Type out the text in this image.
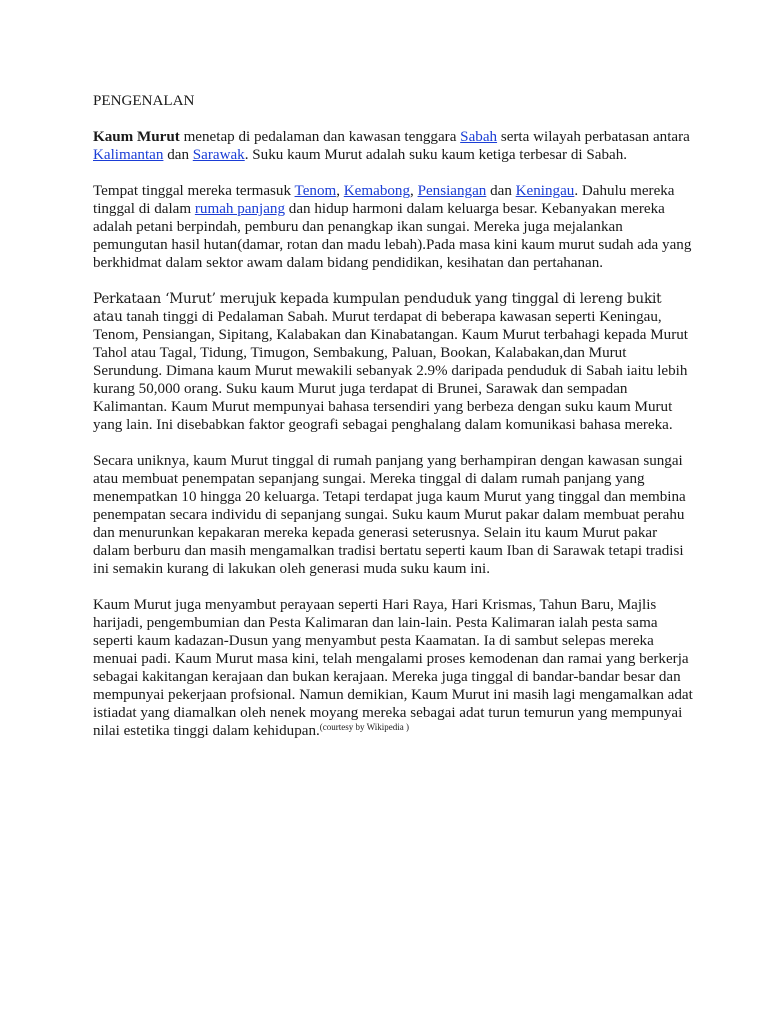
PENGENALAN

Kaum Murut menetap di pedalaman dan kawasan tenggara Sabah serta wilayah perbatasan antara Kalimantan dan Sarawak. Suku kaum Murut adalah suku kaum ketiga terbesar di Sabah.

Tempat tinggal mereka termasuk Tenom, Kemabong, Pensiangan dan Keningau. Dahulu mereka tinggal di dalam rumah panjang dan hidup harmoni dalam keluarga besar. Kebanyakan mereka adalah petani berpindah, pemburu dan penangkap ikan sungai. Mereka juga mejalankan pemungutan hasil hutan(damar, rotan dan madu lebah).Pada masa kini kaum murut sudah ada yang berkhidmat dalam sektor awam dalam bidang pendidikan, kesihatan dan pertahanan.

Perkataan ‘Murut’ merujuk kepada kumpulan penduduk yang tinggal di lereng bukit atau tanah tinggi di Pedalaman Sabah. Murut terdapat di beberapa kawasan seperti Keningau, Tenom, Pensiangan, Sipitang, Kalabakan dan Kinabatangan. Kaum Murut terbahagi kepada Murut Tahol atau Tagal, Tidung, Timugon, Sembakung, Paluan, Bookan, Kalabakan,dan Murut Serundung. Dimana kaum Murut mewakili sebanyak 2.9% daripada penduduk di Sabah iaitu lebih kurang 50,000 orang. Suku kaum Murut juga terdapat di Brunei, Sarawak dan sempadan Kalimantan. Kaum Murut mempunyai bahasa tersendiri yang berbeza dengan suku kaum Murut yang lain. Ini disebabkan faktor geografi sebagai penghalang dalam komunikasi bahasa mereka.

Secara uniknya, kaum Murut tinggal di rumah panjang yang berhampiran dengan kawasan sungai atau membuat penempatan sepanjang sungai. Mereka tinggal di dalam rumah panjang yang menempatkan 10 hingga 20 keluarga. Tetapi terdapat juga kaum Murut yang tinggal dan membina penempatan secara individu di sepanjang sungai. Suku kaum Murut pakar dalam membuat perahu dan menurunkan kepakaran mereka kepada generasi seterusnya. Selain itu kaum Murut pakar dalam berburu dan masih mengamalkan tradisi bertatu seperti kaum Iban di Sarawak tetapi tradisi ini semakin kurang di lakukan oleh generasi muda suku kaum ini.

Kaum Murut juga menyambut perayaan seperti Hari Raya, Hari Krismas, Tahun Baru, Majlis harijadi, pengembumian dan Pesta Kalimaran dan lain-lain. Pesta Kalimaran ialah pesta sama seperti kaum kadazan-Dusun yang menyambut pesta Kaamatan. Ia di sambut selepas mereka menuai padi. Kaum Murut masa kini, telah mengalami proses kemodenan dan ramai yang berkerja sebagai kakitangan kerajaan dan bukan kerajaan. Mereka juga tinggal di bandar-bandar besar dan mempunyai pekerjaan profsional. Namun demikian, Kaum Murut ini masih lagi mengamalkan adat istiadat yang diamalkan oleh nenek moyang mereka sebagai adat turun temurun yang mempunyai nilai estetika tinggi dalam kehidupan.$^{(courtesy by Wikipedia )}$
